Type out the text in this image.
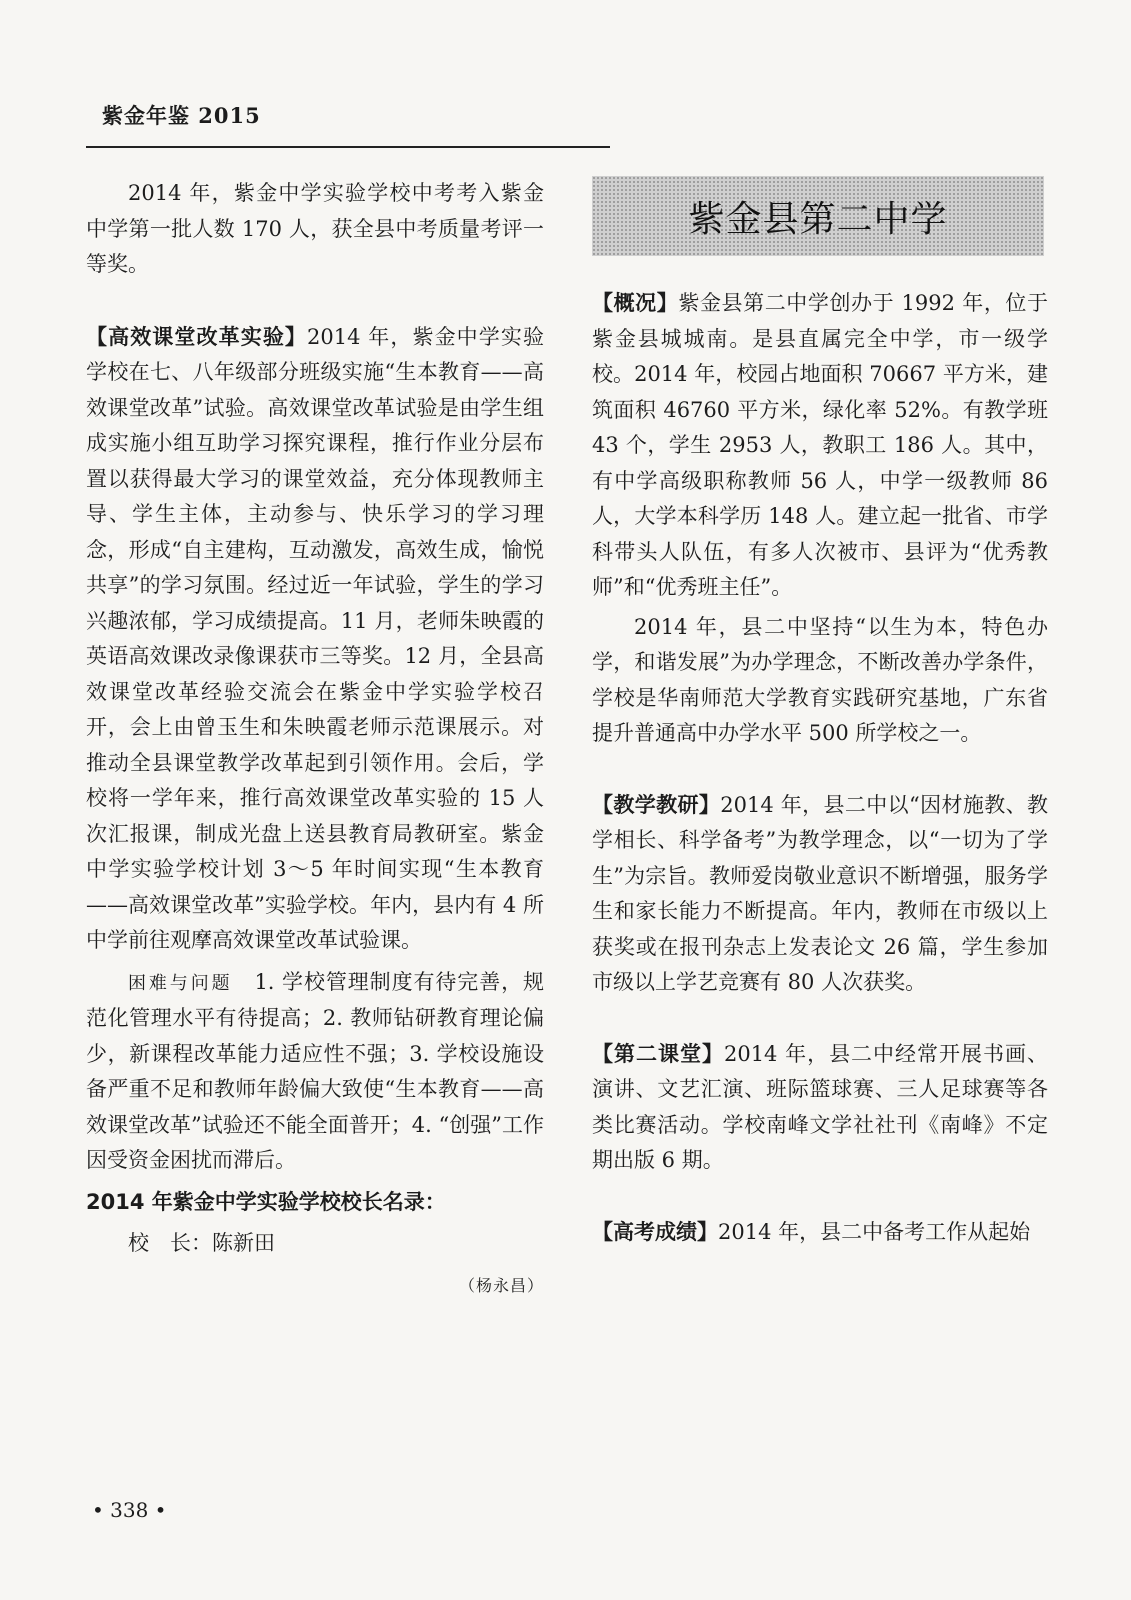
紫金年鉴 2015

2014 年，紫金中学实验学校中考考入紫金中学第一批人数 170 人，获全县中考质量考评一等奖。

【高效课堂改革实验】2014 年，紫金中学实验学校在七、八年级部分班级实施“生本教育——高效课堂改革”试验。高效课堂改革试验是由学生组成实施小组互助学习探究课程，推行作业分层布置以获得最大学习的课堂效益，充分体现教师主导、学生主体，主动参与、快乐学习的学习理念，形成“自主建构，互动激发，高效生成，愉悦共享”的学习氛围。经过近一年试验，学生的学习兴趣浓郁，学习成绩提高。11 月，老师朱映霞的英语高效课改录像课获市三等奖。12 月，全县高效课堂改革经验交流会在紫金中学实验学校召开，会上由曾玉生和朱映霞老师示范课展示。对推动全县课堂教学改革起到引领作用。会后，学校将一学年来，推行高效课堂改革实验的 15 人次汇报课，制成光盘上送县教育局教研室。紫金中学实验学校计划 3～5 年时间实现“生本教育——高效课堂改革”实验学校。年内，县内有 4 所中学前往观摩高效课堂改革试验课。

困难与问题　 1. 学校管理制度有待完善，规范化管理水平有待提高；2. 教师钻研教育理论偏少，新课程改革能力适应性不强；3. 学校设施设备严重不足和教师年龄偏大致使“生本教育——高效课堂改革”试验还不能全面普开；4. “创强”工作因受资金困扰而滞后。

2014 年紫金中学实验学校校长名录：

校　长：陈新田

（杨永昌）

紫金县第二中学

【概况】紫金县第二中学创办于 1992 年，位于紫金县城城南。是县直属完全中学，市一级学校。2014 年，校园占地面积 70667 平方米，建筑面积 46760 平方米，绿化率 52%。有教学班 43 个，学生 2953 人，教职工 186 人。其中，有中学高级职称教师 56 人，中学一级教师 86 人，大学本科学历 148 人。建立起一批省、市学科带头人队伍，有多人次被市、县评为“优秀教师”和“优秀班主任”。

2014 年，县二中坚持“以生为本，特色办学，和谐发展”为办学理念，不断改善办学条件，学校是华南师范大学教育实践研究基地，广东省提升普通高中办学水平 500 所学校之一。

【教学教研】2014 年，县二中以“因材施教、教学相长、科学备考”为教学理念，以“一切为了学生”为宗旨。教师爱岗敬业意识不断增强，服务学生和家长能力不断提高。年内，教师在市级以上获奖或在报刊杂志上发表论文 26 篇，学生参加市级以上学艺竞赛有 80 人次获奖。

【第二课堂】2014 年，县二中经常开展书画、演讲、文艺汇演、班际篮球赛、三人足球赛等各类比赛活动。学校南峰文学社社刊《南峰》不定期出版 6 期。

【高考成绩】2014 年，县二中备考工作从起始

• 338 •
